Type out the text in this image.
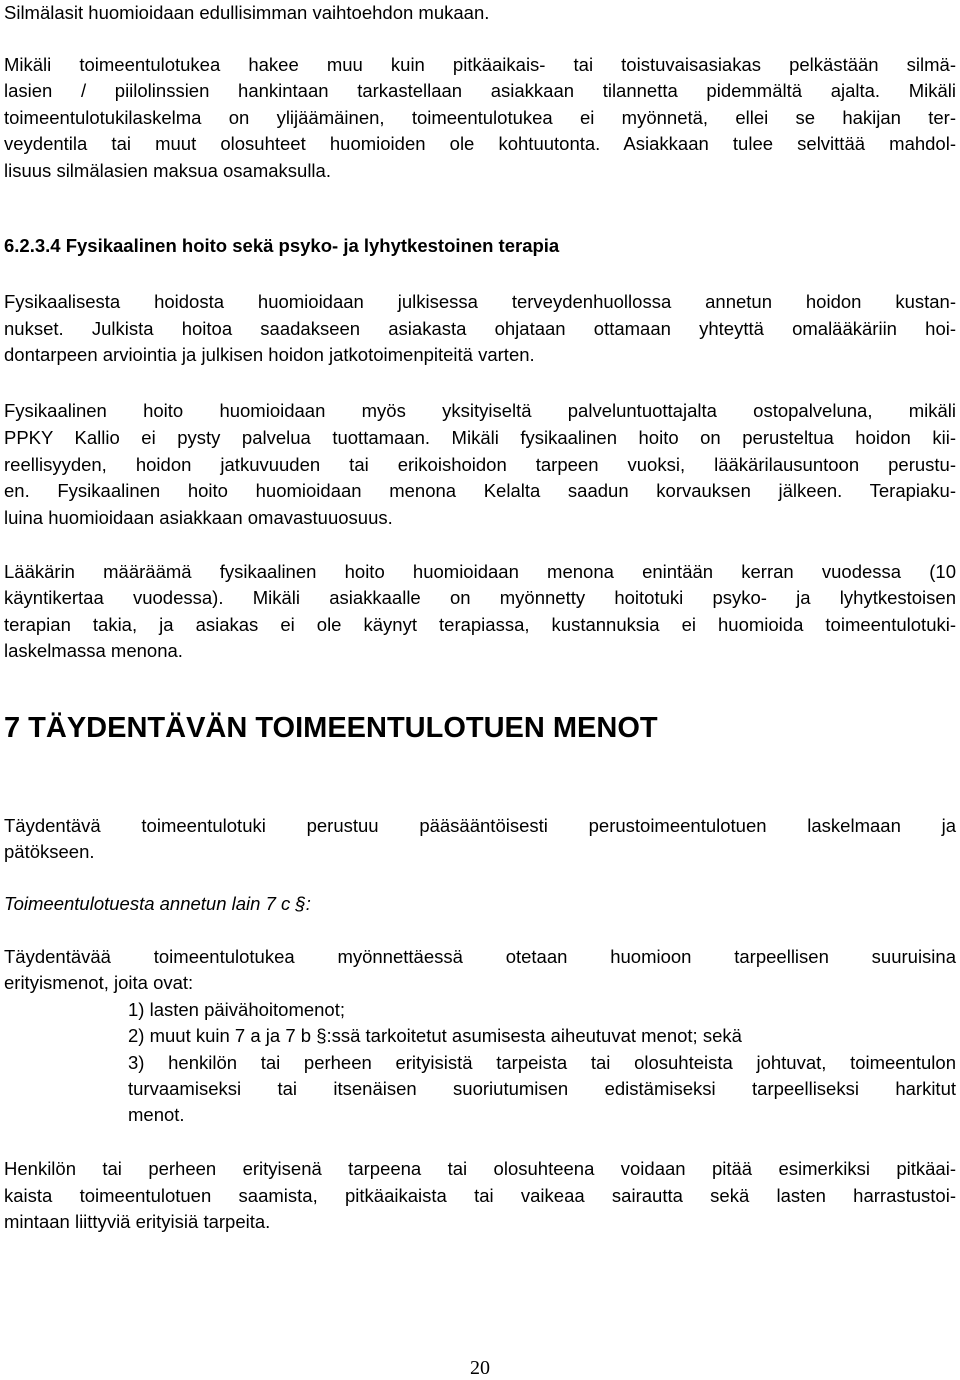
Silmälasit huomioidaan edullisimman vaihtoehdon mukaan.
Mikäli toimeentulotukea hakee muu kuin pitkäaikais- tai toistuvaisasiakas pelkästään silmä-
lasien / piilolinssien hankintaan tarkastellaan asiakkaan tilannetta pidemmältä ajalta. Mikäli
toimeentulotukilaskelma on ylijäämäinen, toimeentulotukea ei myönnetä, ellei se hakijan ter-
veydentila tai muut olosuhteet huomioiden ole kohtuutonta. Asiakkaan tulee selvittää mahdol-
lisuus silmälasien maksua osamaksulla.
6.2.3.4 Fysikaalinen hoito sekä psyko- ja lyhytkestoinen terapia
Fysikaalisesta hoidosta huomioidaan julkisessa terveydenhuollossa annetun hoidon kustan-
nukset. Julkista hoitoa saadakseen asiakasta ohjataan ottamaan yhteyttä omalääkäriin hoi-
dontarpeen arviointia ja julkisen hoidon jatkotoimenpiteitä varten.
Fysikaalinen hoito huomioidaan myös yksityiseltä palveluntuottajalta ostopalveluna, mikäli
PPKY Kallio ei pysty palvelua tuottamaan. Mikäli fysikaalinen hoito on perusteltua hoidon kii-
reellisyyden, hoidon jatkuvuuden tai erikoishoidon tarpeen vuoksi, lääkärilausuntoon perustu-
en. Fysikaalinen hoito huomioidaan menona Kelalta saadun korvauksen jälkeen. Terapiaku-
luina huomioidaan asiakkaan omavastuuosuus.
Lääkärin määräämä fysikaalinen hoito huomioidaan menona enintään kerran vuodessa (10
käyntikertaa vuodessa). Mikäli asiakkaalle on myönnetty hoitotuki psyko- ja lyhytkestoisen
terapian takia, ja asiakas ei ole käynyt terapiassa, kustannuksia ei huomioida toimeentulotuki-
laskelmassa menona.
7 TÄYDENTÄVÄN TOIMEENTULOTUEN MENOT
Täydentävä toimeentulotuki perustuu pääsääntöisesti perustoimeentulotuen laskelmaan ja
pätökseen.
Toimeentulotuesta annetun lain 7 c §:
Täydentävää toimeentulotukea myönnettäessä otetaan huomioon tarpeellisen suuruisina
erityismenot, joita ovat:
1) lasten päivähoitomenot;
2) muut kuin 7 a ja 7 b §:ssä tarkoitetut asumisesta aiheutuvat menot; sekä
3) henkilön tai perheen erityisistä tarpeista tai olosuhteista johtuvat, toimeentulon
turvaamiseksi tai itsenäisen suoriutumisen edistämiseksi tarpeelliseksi harkitut
menot.
Henkilön tai perheen erityisenä tarpeena tai olosuhteena voidaan pitää esimerkiksi pitkäai-
kaista toimeentulotuen saamista, pitkäaikaista tai vaikeaa sairautta sekä lasten harrastustoi-
mintaan liittyviä erityisiä tarpeita.
20
